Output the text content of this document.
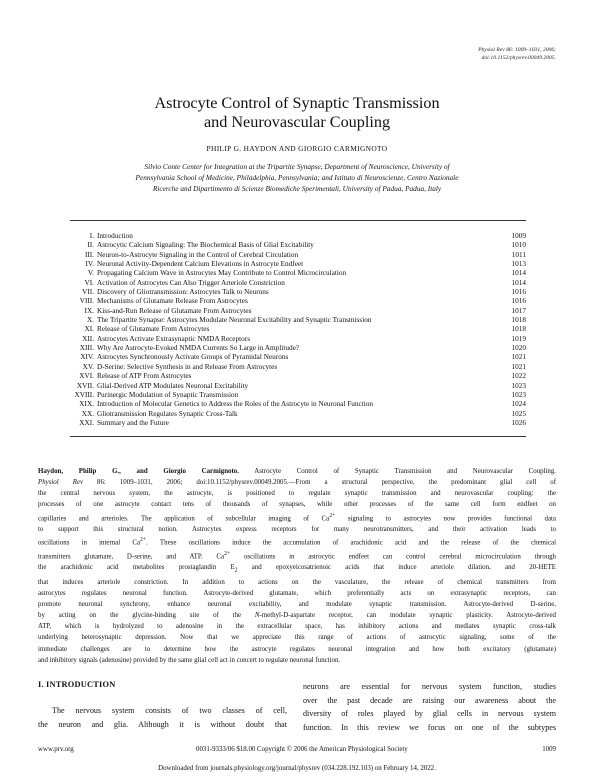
Physiol Rev 86: 1009–1031, 2006;
doi:10.1152/physrev.00049.2005.
Astrocyte Control of Synaptic Transmission
and Neurovascular Coupling
PHILIP G. HAYDON AND GIORGIO CARMIGNOTO
Silvio Conte Center for Integration at the Tripartite Synapse, Department of Neuroscience, University of
Pennsylvania School of Medicine, Philadelphia, Pennsylvania; and Istituto di Neuroscienze, Centro Nazionale
Ricerche and Dipartimento di Scienze Biomediche Sperimentali, University of Padua, Padua, Italy
I. Introduction	1009
II. Astrocytic Calcium Signaling: The Biochemical Basis of Glial Excitability	1010
III. Neuron-to-Astrocyte Signaling in the Control of Cerebral Circulation	1011
IV. Neuronal Activity-Dependent Calcium Elevations in Astrocyte Endfeet	1013
V. Propagating Calcium Wave in Astrocytes May Contribute to Control Microcirculation	1014
VI. Activation of Astrocytes Can Also Trigger Arteriole Constriction	1014
VII. Discovery of Gliotransmission: Astrocytes Talk to Neurons	1016
VIII. Mechanisms of Glutamate Release From Astrocytes	1016
IX. Kiss-and-Run Release of Glutamate From Astrocytes	1017
X. The Tripartite Synapse: Astrocytes Modulate Neuronal Excitability and Synaptic Transmission	1018
XI. Release of Glutamate From Astrocytes	1018
XII. Astrocytes Activate Extrasynaptic NMDA Receptors	1019
XIII. Why Are Astrocyte-Evoked NMDA Currents So Large in Amplitude?	1020
XIV. Astrocytes Synchronously Activate Groups of Pyramidal Neurons	1021
XV. D-Serine: Selective Synthesis in and Release From Astrocytes	1021
XVI. Release of ATP From Astrocytes	1022
XVII. Glial-Derived ATP Modulates Neuronal Excitability	1023
XVIII. Purinergic Modulation of Synaptic Transmission	1023
XIX. Introduction of Molecular Genetics to Address the Roles of the Astrocyte in Neuronal Function	1024
XX. Gliotransmission Regulates Synaptic Cross-Talk	1025
XXI. Summary and the Future	1026
Haydon, Philip G., and Giorgio Carmignoto. Astrocyte Control of Synaptic Transmission and Neurovascular Coupling.
Physiol Rev 86: 1009–1031, 2006; doi:10.1152/physrev.00049.2005.—From a structural perspective, the predominant glial cell of
the central nervous system, the astrocyte, is positioned to regulate synaptic transmission and neurovascular coupling: the
processes of one astrocyte contact tens of thousands of synapses, while other processes of the same cell form endfeet on
capillaries and arterioles. The application of subcellular imaging of $Ca^{2+}$ signaling to astrocytes now provides functional data
to support this structural notion. Astrocytes express receptors for many neurotransmitters, and their activation leads to
oscillations in internal $Ca^{2+}$. These oscillations induce the accumulation of arachidonic acid and the release of the chemical
transmitters glutamate, D-serine, and ATP. $Ca^{2+}$ oscillations in astrocytic endfeet can control cerebral microcirculation through
the arachidonic acid metabolites prostaglandin $E_2$ and epoxyeicosatrienoic acids that induce arteriole dilation, and 20-HETE
that induces arteriole constriction. In addition to actions on the vasculature, the release of chemical transmitters from
astrocytes regulates neuronal function. Astrocyte-derived glutamate, which preferentially acts on extrasynaptic receptors, can
promote neuronal synchrony, enhance neuronal excitability, and modulate synaptic transmission. Astrocyte-derived D-serine,
by acting on the glycine-binding site of the N-methyl-D-aspartate receptor, can modulate synaptic plasticity. Astrocyte-derived
ATP, which is hydrolyzed to adenosine in the extracellular space, has inhibitory actions and mediates synaptic cross-talk
underlying heterosynaptic depression. Now that we appreciate this range of actions of astrocytic signaling, some of the
immediate challenges are to determine how the astrocyte regulates neuronal integration and how both excitatory (glutamate)
and inhibitory signals (adenosine) provided by the same glial cell act in concert to regulate neuronal function.
I. INTRODUCTION
The nervous system consists of two classes of cell,
the neuron and glia. Although it is without doubt that
neurons are essential for nervous system function, studies
over the past decade are raising our awareness about the
diversity of roles played by glial cells in nervous system
function. In this review we focus on one of the subtypes
www.prv.org	0031-9333/06 $18.00 Copyright © 2006 the American Physiological Society	1009
Downloaded from journals.physiology.org/journal/physrev (034.228.192.103) on February 14, 2022.
